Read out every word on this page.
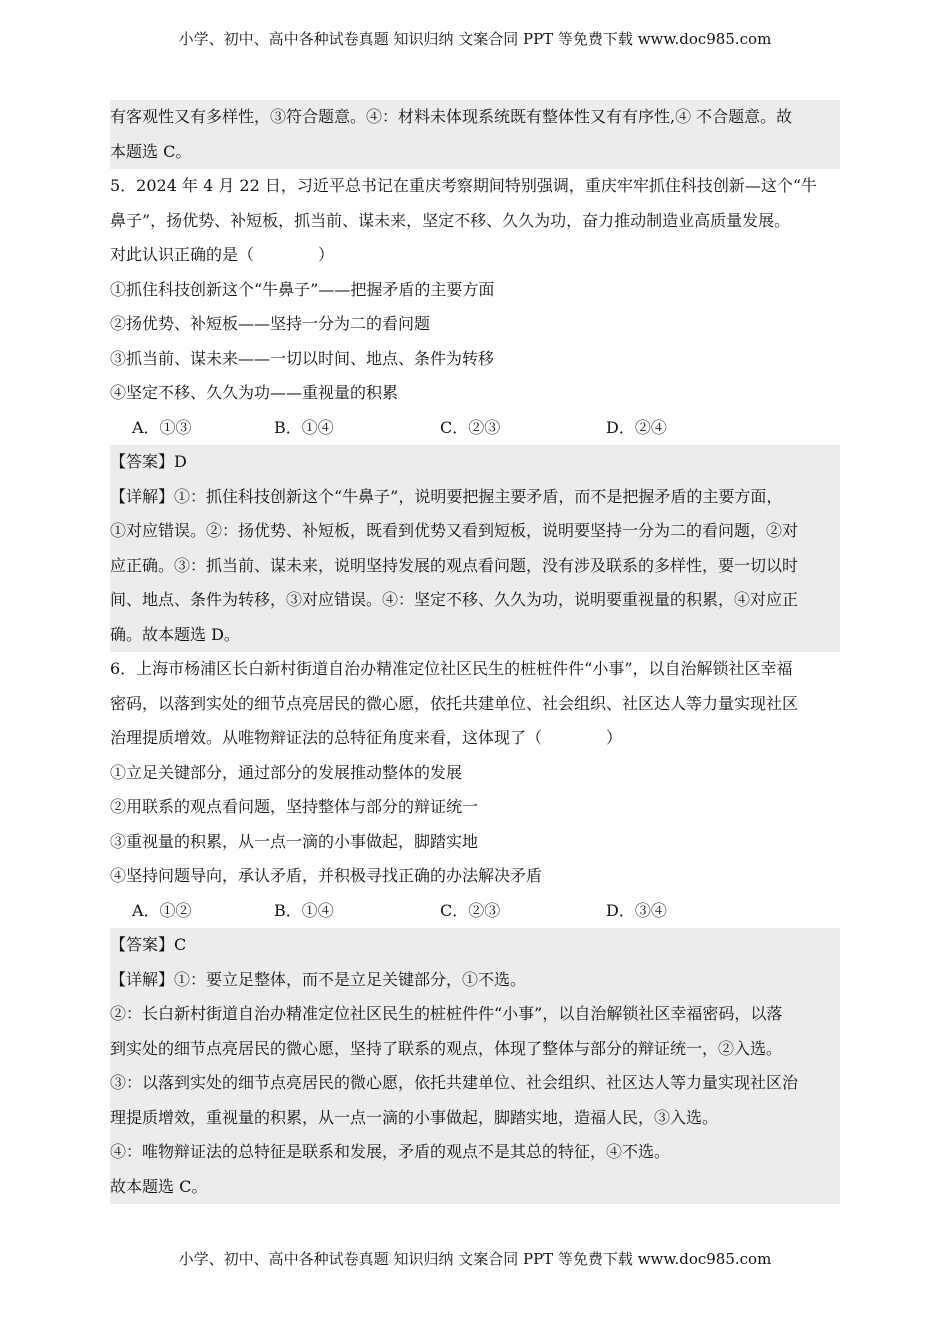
小学、初中、高中各种试卷真题 知识归纳 文案合同 PPT 等免费下载 www.doc985.com
有客观性又有多样性，③符合题意。④：材料未体现系统既有整体性又有有序性,④ 不合题意。故
本题选 C。
5．2024 年 4 月 22 日，习近平总书记在重庆考察期间特别强调，重庆牢牢抓住科技创新—这个“牛
鼻子”，扬优势、补短板，抓当前、谋未来，坚定不移、久久为功，奋力推动制造业高质量发展。
对此认识正确的是（　　　　）
①抓住科技创新这个“牛鼻子”——把握矛盾的主要方面
②扬优势、补短板——坚持一分为二的看问题
③抓当前、谋未来——一切以时间、地点、条件为转移
④坚定不移、久久为功——重视量的积累
A．①③	B．①④	C．②③	D．②④
【答案】D
【详解】①：抓住科技创新这个“牛鼻子”，说明要把握主要矛盾，而不是把握矛盾的主要方面，
①对应错误。②：扬优势、补短板，既看到优势又看到短板，说明要坚持一分为二的看问题，②对
应正确。③：抓当前、谋未来，说明坚持发展的观点看问题，没有涉及联系的多样性，要一切以时
间、地点、条件为转移，③对应错误。④：坚定不移、久久为功，说明要重视量的积累，④对应正
确。故本题选 D。
6．上海市杨浦区长白新村街道自治办精准定位社区民生的桩桩件件“小事”，以自治解锁社区幸福
密码，以落到实处的细节点亮居民的微心愿，依托共建单位、社会组织、社区达人等力量实现社区
治理提质增效。从唯物辩证法的总特征角度来看，这体现了（　　　　）
①立足关键部分，通过部分的发展推动整体的发展
②用联系的观点看问题，坚持整体与部分的辩证统一
③重视量的积累，从一点一滴的小事做起，脚踏实地
④坚持问题导向，承认矛盾，并积极寻找正确的办法解决矛盾
A．①②	B．①④	C．②③	D．③④
【答案】C
【详解】①：要立足整体，而不是立足关键部分，①不选。
②：长白新村街道自治办精准定位社区民生的桩桩件件“小事”，以自治解锁社区幸福密码，以落
到实处的细节点亮居民的微心愿，坚持了联系的观点，体现了整体与部分的辩证统一，②入选。
③：以落到实处的细节点亮居民的微心愿，依托共建单位、社会组织、社区达人等力量实现社区治
理提质增效，重视量的积累，从一点一滴的小事做起，脚踏实地，造福人民，③入选。
④：唯物辩证法的总特征是联系和发展，矛盾的观点不是其总的特征，④不选。
故本题选 C。
小学、初中、高中各种试卷真题 知识归纳 文案合同 PPT 等免费下载 www.doc985.com
